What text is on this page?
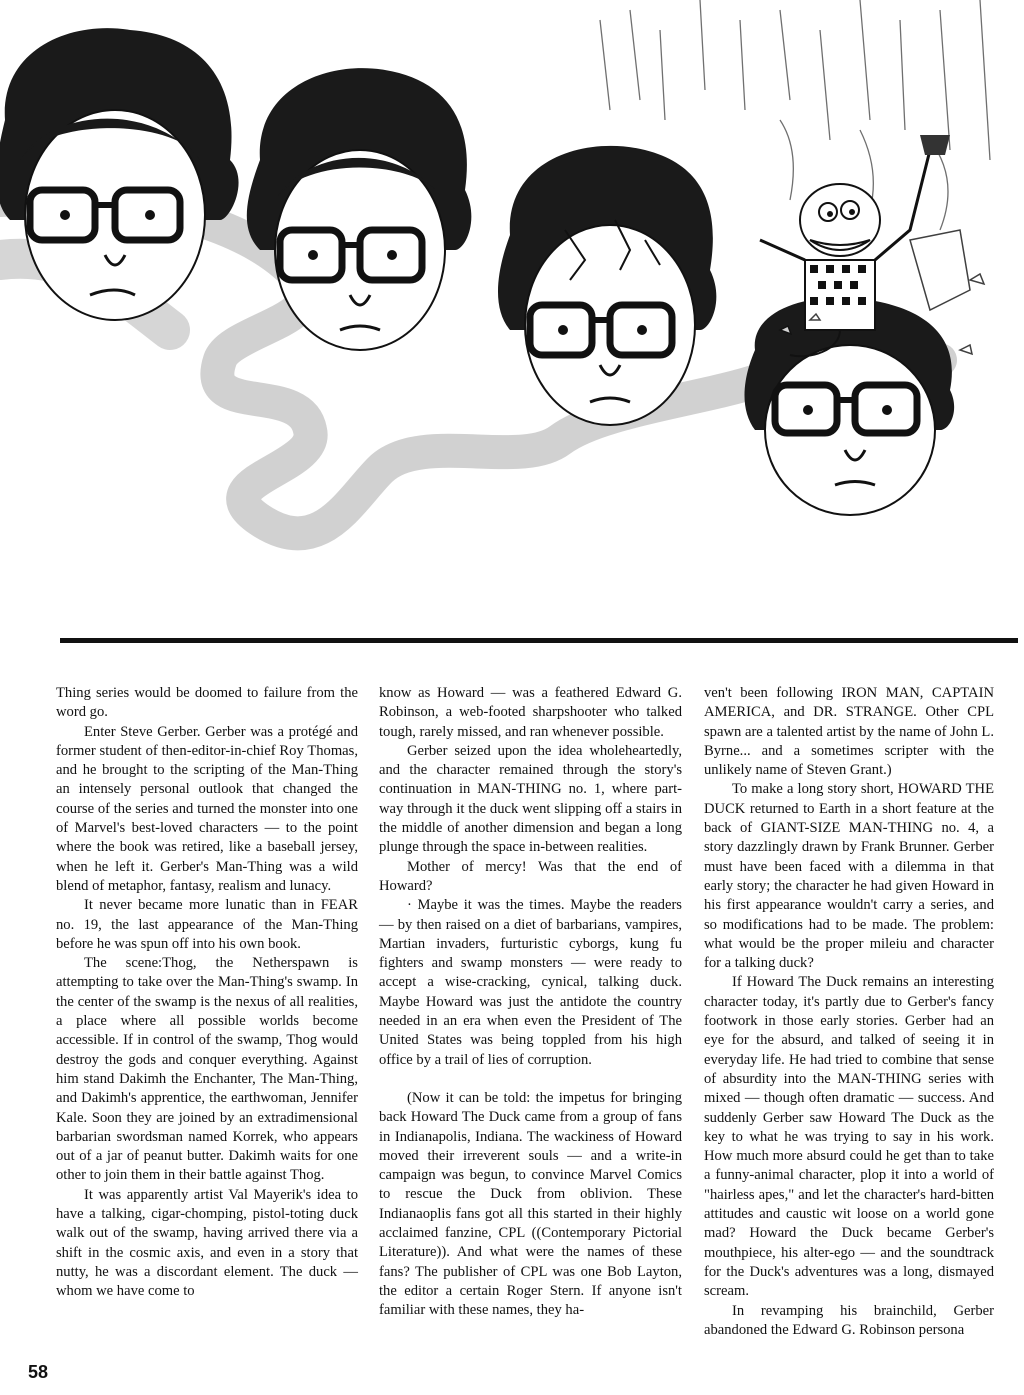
Thing series would be doomed to failure from the word go.

Enter Steve Gerber. Gerber was a protégé and former student of then-editor-in-chief Roy Thomas, and he brought to the scripting of the Man-Thing an intensely personal outlook that changed the course of the series and turned the monster into one of Marvel's best-loved characters — to the point where the book was retired, like a baseball jersey, when he left it. Gerber's Man-Thing was a wild blend of metaphor, fantasy, realism and lunacy.

It never became more lunatic than in FEAR no. 19, the last appearance of the Man-Thing before he was spun off into his own book.

The scene:Thog, the Netherspawn is attempting to take over the Man-Thing's swamp. In the center of the swamp is the nexus of all realities, a place where all possible worlds become accessible. If in control of the swamp, Thog would destroy the gods and conquer everything. Against him stand Dakimh the Enchanter, The Man-Thing, and Dakimh's apprentice, the earthwoman, Jennifer Kale. Soon they are joined by an extradimensional barbarian swordsman named Korrek, who appears out of a jar of peanut butter. Dakimh waits for one other to join them in their battle against Thog.

It was apparently artist Val Mayerik's idea to have a talking, cigar-chomping, pistol-toting duck walk out of the swamp, having arrived there via a shift in the cosmic axis, and even in a story that nutty, he was a discordant element. The duck — whom we have come to

know as Howard — was a feathered Edward G. Robinson, a web-footed sharpshooter who talked tough, rarely missed, and ran whenever possible.

Gerber seized upon the idea wholeheartedly, and the character remained through the story's continuation in MAN-THING no. 1, where part-way through it the duck went slipping off a stairs in the middle of another dimension and began a long plunge through the space in-between realities.

Mother of mercy! Was that the end of Howard?

· Maybe it was the times. Maybe the readers — by then raised on a diet of barbarians, vampires, Martian invaders, furturistic cyborgs, kung fu fighters and swamp monsters — were ready to accept a wise-cracking, cynical, talking duck. Maybe Howard was just the antidote the country needed in an era when even the President of The United States was being toppled from his high office by a trail of lies of corruption.

(Now it can be told: the impetus for bringing back Howard The Duck came from a group of fans in Indianapolis, Indiana. The wackiness of Howard moved their irreverent souls — and a write-in campaign was begun, to convince Marvel Comics to rescue the Duck from oblivion. These Indianaoplis fans got all this started in their highly acclaimed fanzine, CPL ((Contemporary Pictorial Literature)). And what were the names of these fans? The publisher of CPL was one Bob Layton, the editor a certain Roger Stern. If anyone isn't familiar with these names, they ha-

ven't been following IRON MAN, CAPTAIN AMERICA, and DR. STRANGE. Other CPL spawn are a talented artist by the name of John L. Byrne... and a sometimes scripter with the unlikely name of Steven Grant.)

To make a long story short, HOWARD THE DUCK returned to Earth in a short feature at the back of GIANT-SIZE MAN-THING no. 4, a story dazzlingly drawn by Frank Brunner. Gerber must have been faced with a dilemma in that early story; the character he had given Howard in his first appearance wouldn't carry a series, and so modifications had to be made. The problem: what would be the proper mileiu and character for a talking duck?

If Howard The Duck remains an interesting character today, it's partly due to Gerber's fancy footwork in those early stories. Gerber had an eye for the absurd, and talked of seeing it in everyday life. He had tried to combine that sense of absurdity into the MAN-THING series with mixed — though often dramatic — success. And suddenly Gerber saw Howard The Duck as the key to what he was trying to say in his work. How much more absurd could he get than to take a funny-animal character, plop it into a world of "hairless apes," and let the character's hard-bitten attitudes and caustic wit loose on a world gone mad? Howard the Duck became Gerber's mouthpiece, his alter-ego — and the soundtrack for the Duck's adventures was a long, dismayed scream.

In revamping his brainchild, Gerber abandoned the Edward G. Robinson persona

58
